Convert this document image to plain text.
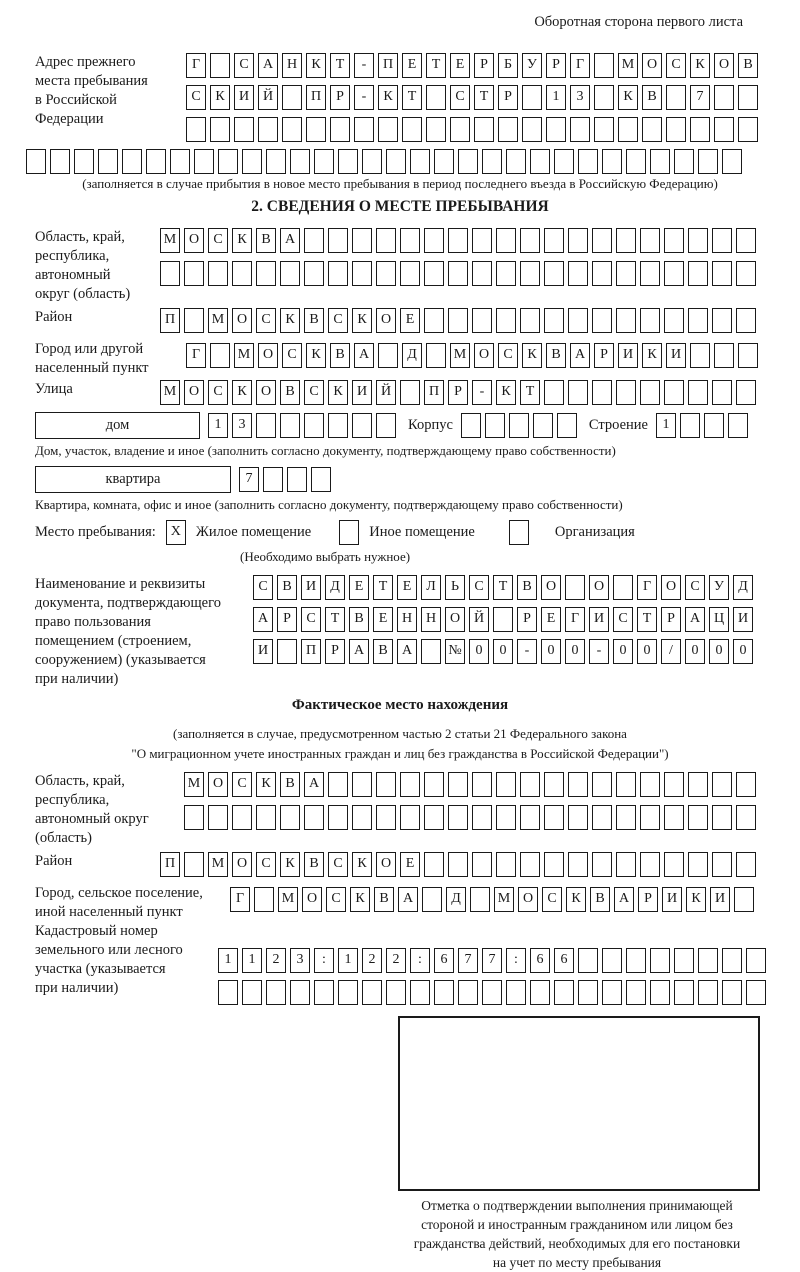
Оборотная сторона первого листа
Адрес прежнего
места пребывания
в Российской
Федерации
Г	С А Н К Т - П Е Т Е Р Б У Р Г	М О С К О В
С К И Й	П Р - К Т	С Т Р	1 3	К В	7
(заполняется в случае прибытия в новое место пребывания в период последнего въезда в Российскую Федерацию)
2. СВЕДЕНИЯ О МЕСТЕ ПРЕБЫВАНИЯ
Область, край,
республика,
автономный
округ (область)
М О С К В А
Район	П	М О С К В С К О Е
Город или другой
населенный пункт
Г	М О С К В А	Д	М О С К В А Р И К И
Улица	М О С К О В С К И Й	П Р - К Т
дом	1 3	Корпус	Строение	1
Дом, участок, владение и иное (заполнить согласно документу, подтверждающему право собственности)
квартира	7
Квартира, комната, офис и иное (заполнить согласно документу, подтверждающему право собственности)
Место пребывания:	X	Жилое помещение	Иное помещение	Организация
(Необходимо выбрать нужное)
Наименование и реквизиты
документа, подтверждающего
право пользования
помещением (строением,
сооружением) (указывается
при наличии)
С В И Д Е Т Е Л Ь С Т В О	О	Г О С У Д
А Р С Т В Е Н Н О Й	Р Е Г И С Т Р А Ц И
И	П Р А В А	№ 0 0 - 0 0 - 0 0 / 0 0 0
Фактическое место нахождения
(заполняется в случае, предусмотренном частью 2 статьи 21 Федерального закона
"О миграционном учете иностранных граждан и лиц без гражданства в Российской Федерации")
Область, край,
республика,
автономный округ
(область)
М О С К В А
Район	П	М О С К В С К О Е
Город, сельское поселение,
иной населенный пункт
Г	М О С К В А	Д	М О С К В А Р И К И
Кадастровый номер
земельного или лесного
участка (указывается
при наличии)
1 1 2 3 : 1 2 2 : 6 7 7 : 6 6
Отметка о подтверждении выполнения принимающей
стороной и иностранным гражданином или лицом без
гражданства действий, необходимых для его постановки
на учет по месту пребывания
